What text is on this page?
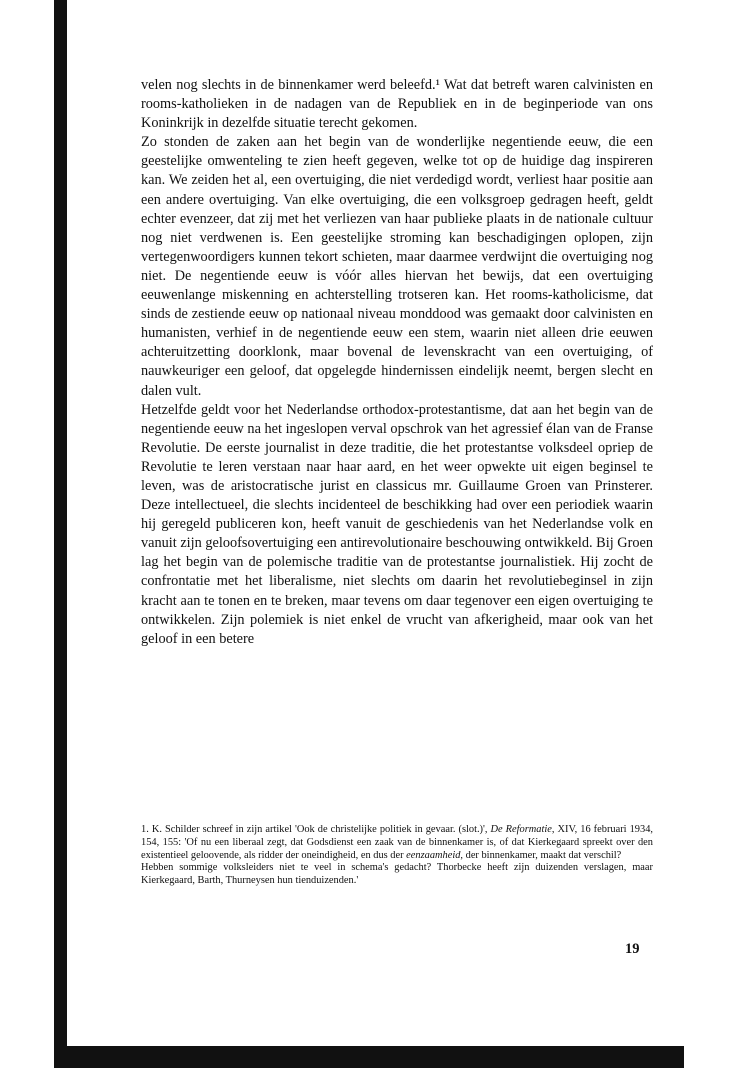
velen nog slechts in de binnenkamer werd beleefd.¹ Wat dat betreft waren calvinisten en rooms-katholieken in de nadagen van de Republiek en in de beginperiode van ons Koninkrijk in dezelfde situatie terecht gekomen.

Zo stonden de zaken aan het begin van de wonderlijke negentiende eeuw, die een geestelijke omwenteling te zien heeft gegeven, welke tot op de huidige dag inspireren kan. We zeiden het al, een overtuiging, die niet verdedigd wordt, verliest haar positie aan een andere overtuiging. Van elke overtuiging, die een volksgroep gedragen heeft, geldt echter evenzeer, dat zij met het verliezen van haar publieke plaats in de nationale cultuur nog niet verdwenen is. Een geestelijke stroming kan beschadigingen oplopen, zijn vertegenwoordigers kunnen tekort schieten, maar daarmee verdwijnt die overtuiging nog niet. De negentiende eeuw is vóór alles hiervan het bewijs, dat een overtuiging eeuwenlange miskenning en achterstelling trotseren kan. Het rooms-katholicisme, dat sinds de zestiende eeuw op nationaal niveau monddood was gemaakt door calvinisten en humanisten, verhief in de negentiende eeuw een stem, waarin niet alleen drie eeuwen achteruitzetting doorklonk, maar bovenal de levenskracht van een overtuiging, of nauwkeuriger een geloof, dat opgelegde hindernissen eindelijk neemt, bergen slecht en dalen vult.

Hetzelfde geldt voor het Nederlandse orthodox-protestantisme, dat aan het begin van de negentiende eeuw na het ingeslopen verval opschrok van het agressief élan van de Franse Revolutie. De eerste journalist in deze traditie, die het protestantse volksdeel opriep de Revolutie te leren verstaan naar haar aard, en het weer opwekte uit eigen beginsel te leven, was de aristocratische jurist en classicus mr. Guillaume Groen van Prinsterer. Deze intellectueel, die slechts incidenteel de beschikking had over een periodiek waarin hij geregeld publiceren kon, heeft vanuit de geschiedenis van het Nederlandse volk en vanuit zijn geloofsovertuiging een antirevolutionaire beschouwing ontwikkeld. Bij Groen lag het begin van de polemische traditie van de protestantse journalistiek. Hij zocht de confrontatie met het liberalisme, niet slechts om daarin het revolutiebeginsel in zijn kracht aan te tonen en te breken, maar tevens om daar tegenover een eigen overtuiging te ontwikkelen. Zijn polemiek is niet enkel de vrucht van afkerigheid, maar ook van het geloof in een betere

1. K. Schilder schreef in zijn artikel 'Ook de christelijke politiek in gevaar. (slot.)', De Reformatie, XIV, 16 februari 1934, 154, 155: 'Of nu een liberaal zegt, dat Godsdienst een zaak van de binnenkamer is, of dat Kierkegaard spreekt over den existentieel geloovende, als ridder der oneindigheid, en dus der eenzaamheid, der binnenkamer, maakt dat verschil?

Hebben sommige volksleiders niet te veel in schema's gedacht? Thorbecke heeft zijn duizenden verslagen, maar Kierkegaard, Barth, Thurneysen hun tienduizenden.'

19
